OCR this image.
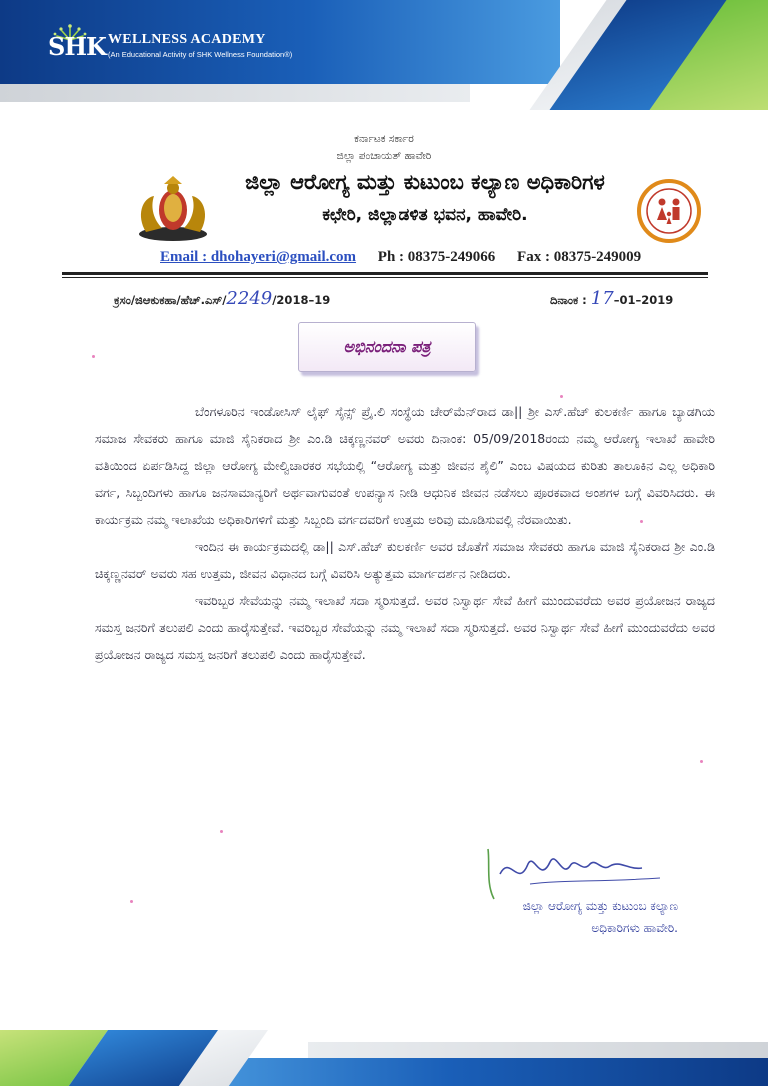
SHK WELLNESS ACADEMY
(An Educational Activity of SHK Wellness Foundation®)
ಕರ್ನಾಟಕ ಸರ್ಕಾರ
ಜಿಲ್ಲಾ ಪಂಚಾಯತ್ ಹಾವೇರಿ
ಜಿಲ್ಲಾ ಆರೋಗ್ಯ ಮತ್ತು ಕುಟುಂಬ ಕಲ್ಯಾಣ ಅಧಿಕಾರಿಗಳ
ಕಛೇರಿ, ಜಿಲ್ಲಾಡಳಿತ ಭವನ, ಹಾವೇರಿ.
Email : dhohayeri@gmail.com Ph : 08375-249066 Fax : 08375-249009
ಕ್ರಸಂ/ಜಿಆಕುಕಹಾ/ಹೆಚ್.ಎಸ್/2249/2018–19	ದಿನಾಂಕ : 17–01–2019
ಅಭಿನಂದನಾ ಪತ್ರ

ಬೆಂಗಳೂರಿನ ಇಂಡೋಸಿಸ್ ಲೈಫ್ ಸೈನ್ಸ್ ಪ್ರೈ.ಲಿ ಸಂಸ್ಥೆಯ ಚೇರ್‌ಮೆನ್‌ರಾದ ಡಾ|| ಶ್ರೀ ಎಸ್.ಹೆಚ್ ಕುಲಕರ್ಣಿ ಹಾಗೂ ಬ್ಯಾಡಗಿಯ ಸಮಾಜ ಸೇವಕರು ಹಾಗೂ ಮಾಜಿ ಸೈನಿಕರಾದ ಶ್ರೀ ಎಂ.ಡಿ ಚಿಕ್ಕಣ್ಣನವರ್ ಅವರು ದಿನಾಂಕ: 05/09/2018ರಂದು ನಮ್ಮ ಆರೋಗ್ಯ ಇಲಾಖೆ ಹಾವೇರಿ ವತಿಯಿಂದ ಏರ್ಪಡಿಸಿದ್ದ ಜಿಲ್ಲಾ ಆರೋಗ್ಯ ಮೇಲ್ವಿಚಾರಕರ ಸಭೆಯಲ್ಲಿ “ಆರೋಗ್ಯ ಮತ್ತು ಜೀವನ ಶೈಲಿ” ಎಂಬ ವಿಷಯದ ಕುರಿತು ತಾಲೂಕಿನ ಎಲ್ಲ ಅಧಿಕಾರಿ ವರ್ಗ, ಸಿಬ್ಬಂದಿಗಳು ಹಾಗೂ ಜನಸಾಮಾನ್ಯರಿಗೆ ಅರ್ಥವಾಗುವಂತೆ ಉಪನ್ಯಾಸ ನೀಡಿ ಆಧುನಿಕ ಜೀವನ ನಡೆಸಲು ಪೂರಕವಾದ ಅಂಶಗಳ ಬಗ್ಗೆ ವಿವರಿಸಿದರು. ಈ ಕಾರ್ಯಕ್ರಮ ನಮ್ಮ ಇಲಾಖೆಯ ಅಧಿಕಾರಿಗಳಿಗೆ ಮತ್ತು ಸಿಬ್ಬಂದಿ ವರ್ಗದವರಿಗೆ ಉತ್ತಮ ಅರಿವು ಮೂಡಿಸುವಲ್ಲಿ ನೆರವಾಯಿತು.

ಇಂದಿನ ಈ ಕಾರ್ಯಕ್ರಮದಲ್ಲಿ ಡಾ|| ಎಸ್.ಹೆಚ್ ಕುಲಕರ್ಣಿ ಅವರ ಜೊತೆಗೆ ಸಮಾಜ ಸೇವಕರು ಹಾಗೂ ಮಾಜಿ ಸೈನಿಕರಾದ ಶ್ರೀ ಎಂ.ಡಿ ಚಿಕ್ಕಣ್ಣನವರ್ ಅವರು ಸಹ ಉತ್ತಮ, ಜೀವನ ವಿಧಾನದ ಬಗ್ಗೆ ವಿವರಿಸಿ ಅತ್ಯುತ್ತಮ ಮಾರ್ಗದರ್ಶನ ನೀಡಿದರು.

ಇವರಿಬ್ಬರ ಸೇವೆಯನ್ನು ನಮ್ಮ ಇಲಾಖೆ ಸದಾ ಸ್ಮರಿಸುತ್ತದೆ. ಅವರ ನಿಸ್ವಾರ್ಥ ಸೇವೆ ಹೀಗೆ ಮುಂದುವರೆದು ಅವರ ಪ್ರಯೋಜನ ರಾಜ್ಯದ ಸಮಸ್ತ ಜನರಿಗೆ ತಲುಪಲಿ ಎಂದು ಹಾರೈಸುತ್ತೇವೆ. ಇವರಿಬ್ಬರ ಸೇವೆಯನ್ನು ನಮ್ಮ ಇಲಾಖೆ ಸದಾ ಸ್ಮರಿಸುತ್ತದೆ. ಅವರ ನಿಸ್ವಾರ್ಥ ಸೇವೆ ಹೀಗೆ ಮುಂದುವರೆದು ಅವರ ಪ್ರಯೋಜನ ರಾಜ್ಯದ ಸಮಸ್ತ ಜನರಿಗೆ ತಲುಪಲಿ ಎಂದು ಹಾರೈಸುತ್ತೇವೆ.

ಜಿಲ್ಲಾ ಆರೋಗ್ಯ ಮತ್ತು ಕುಟುಂಬ ಕಲ್ಯಾಣ
ಅಧಿಕಾರಿಗಳು ಹಾವೇರಿ.
